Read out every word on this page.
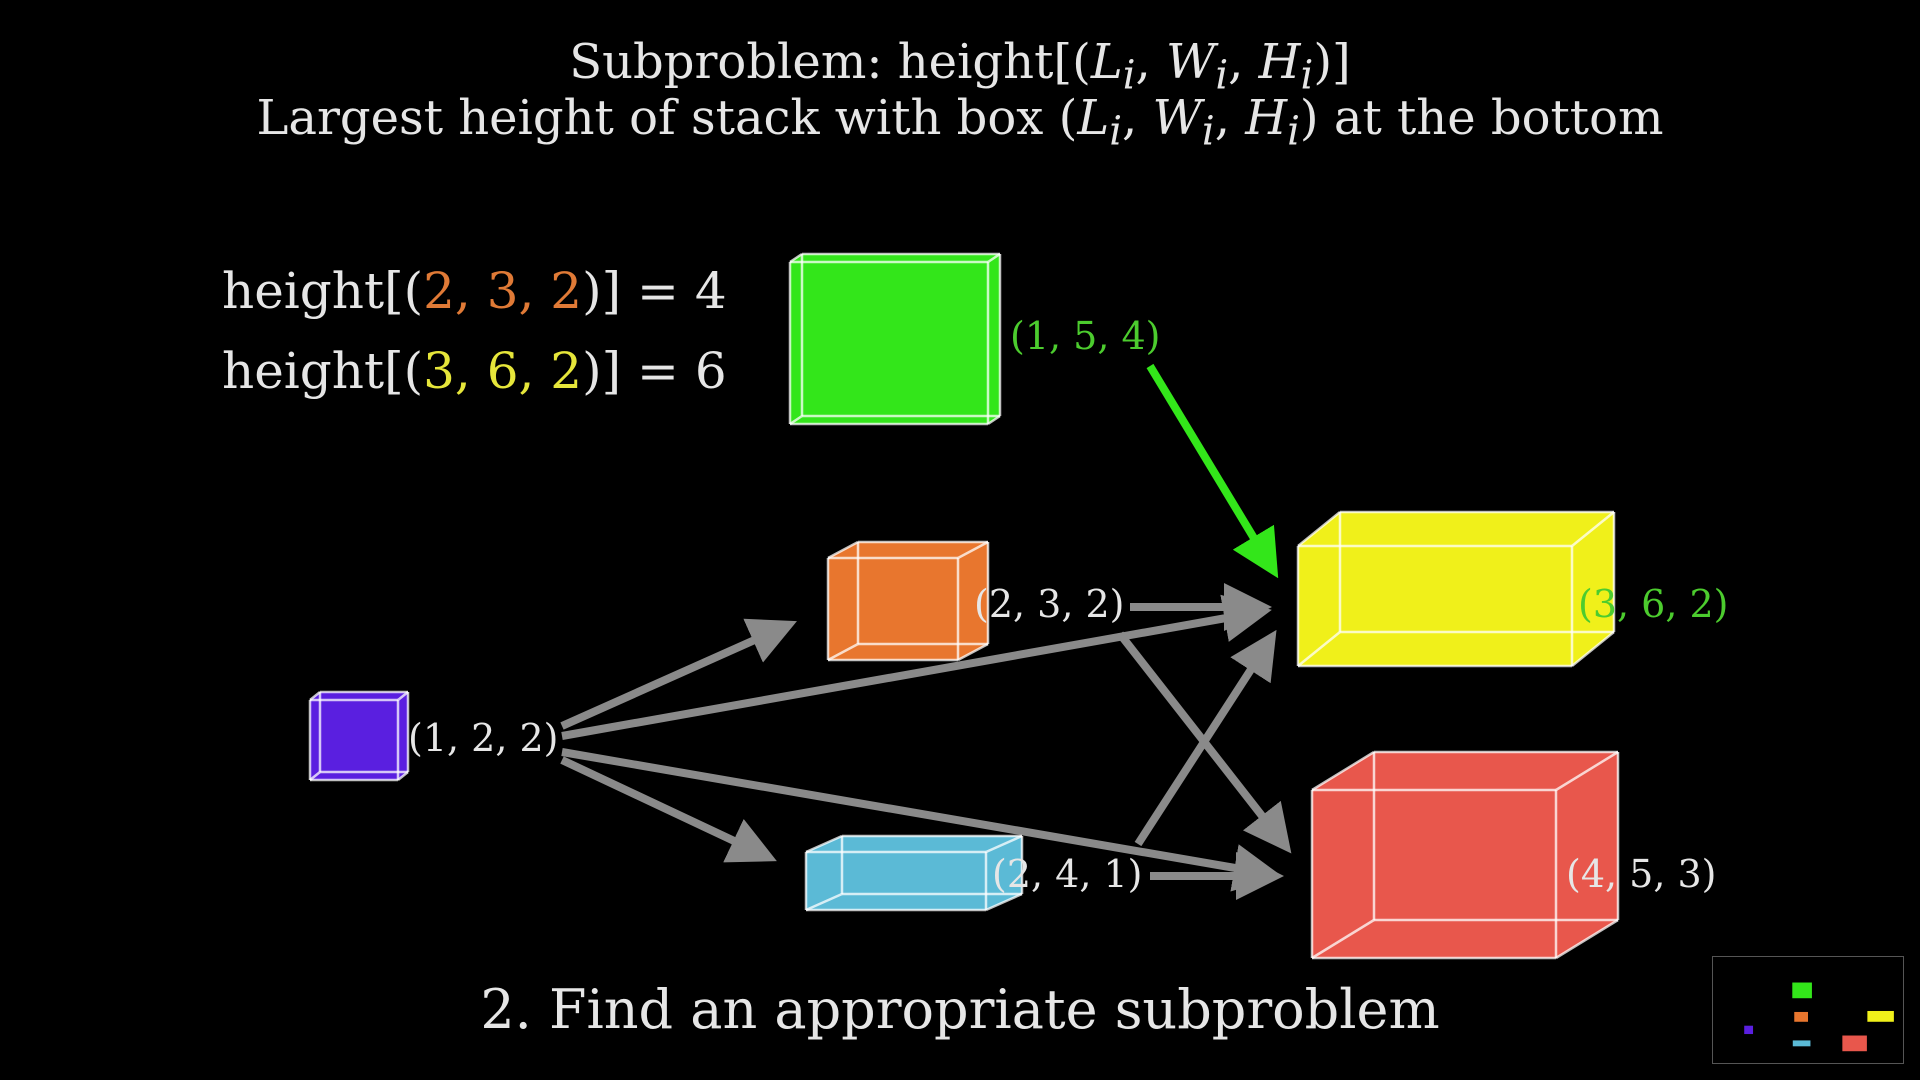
Subproblem: $height[(L_i$, $W_i$, $H_i$)]
Largest height of stack with box ($L_i$, $W_i$, $H_i$) at the bottom
height[(2, 3, 2)] = 4
height[(3, 6, 2)] = 6
(1, 2, 2)
(2, 3, 2)
(2, 4, 1)
(1, 5, 4)
(3, 6, 2)
(4, 5, 3)
2. Find an appropriate subproblem
